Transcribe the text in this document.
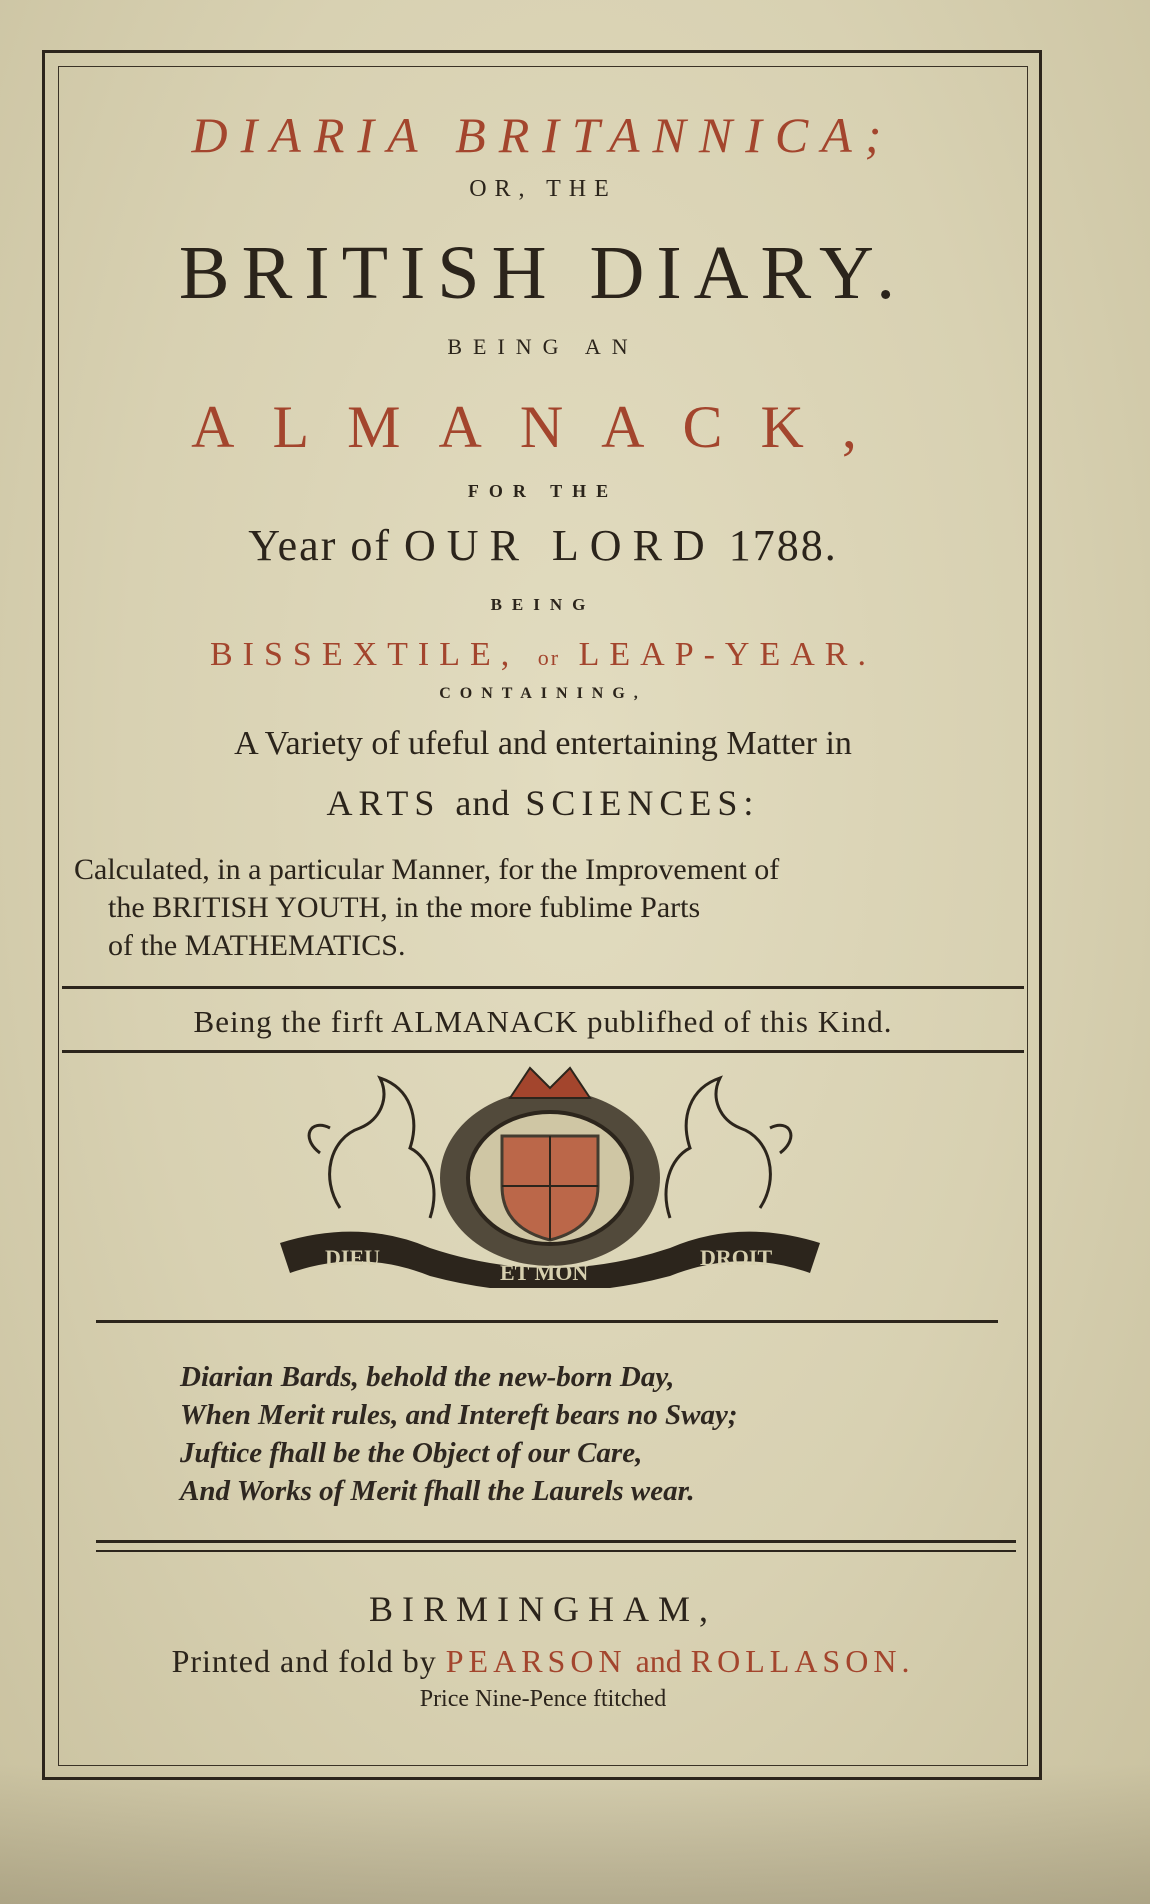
DIARIA BRITANNICA;
OR, THE
BRITISH DIARY.
BEING AN
ALMANACK,
FOR THE
Year of OUR LORD 1788.
BEING
BISSEXTILE, or LEAP-YEAR.
CONTAINING,
A Variety of ufeful and entertaining Matter in
ARTS and SCIENCES:
Calculated, in a particular Manner, for the Improvement of
the BRITISH YOUTH, in the more fublime Parts
of the MATHEMATICS.
Being the firft ALMANACK publifhed of this Kind.
DIEU
ET MON
DROIT
Diarian Bards, behold the new-born Day,
When Merit rules, and Intereft bears no Sway;
Juftice fhall be the Object of our Care,
And Works of Merit fhall the Laurels wear.
BIRMINGHAM,
Printed and fold by PEARSON and ROLLASON.
Price Nine-Pence ftitched
